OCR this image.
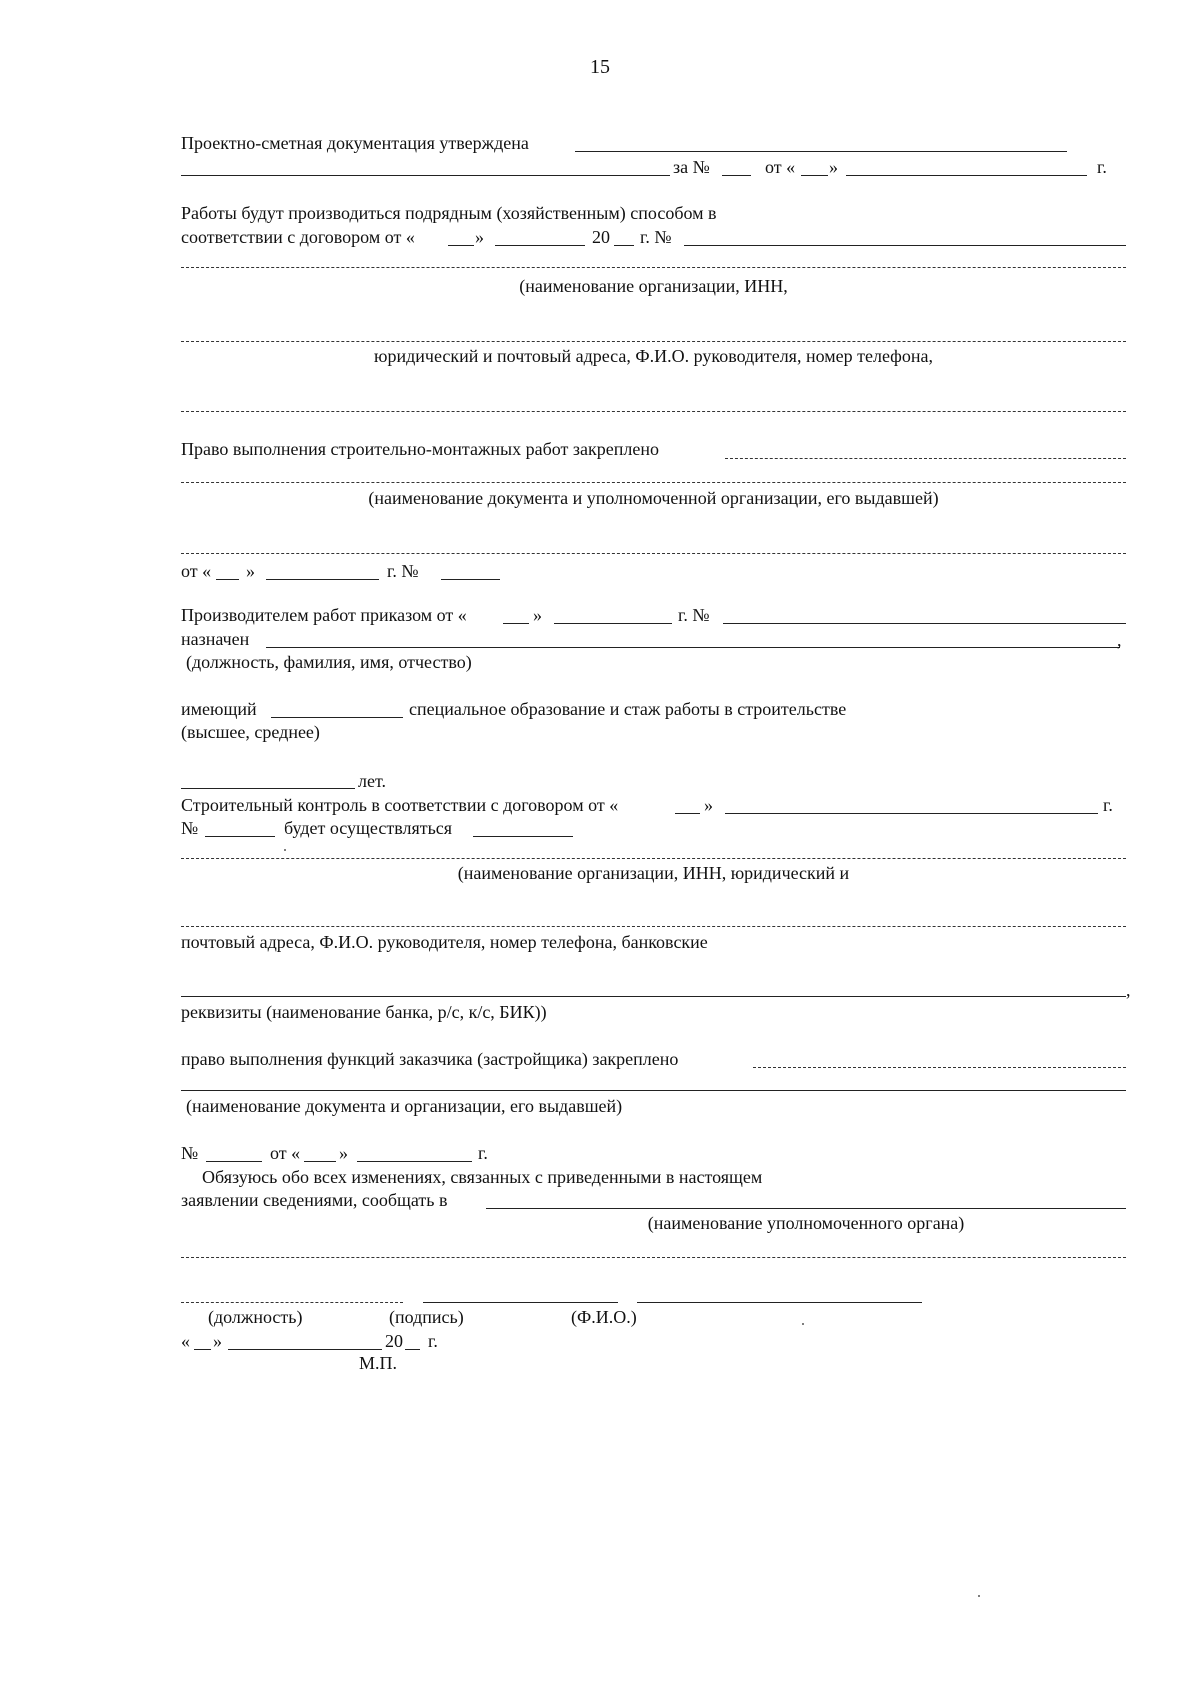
15
Проектно-сметная документация утверждена
за №	от « »	г.
Работы будут производиться подрядным (хозяйственным) способом в
соответствии с договором от «	»	20 г. №
(наименование организации, ИНН,
юридический и почтовый адреса, Ф.И.О. руководителя, номер телефона,
Право выполнения строительно-монтажных работ закреплено
(наименование документа и уполномоченной организации, его выдавшей)
от « »	г. №
Производителем работ приказом от «	»	г. №
назначен	,
(должность, фамилия, имя, отчество)
имеющий	специальное образование и стаж работы в строительстве
(высшее, среднее)
лет.
Строительный контроль в соответствии с договором от «	»	г.
№	будет осуществляться
(наименование организации, ИНН, юридический и
почтовый адреса, Ф.И.О. руководителя, номер телефона, банковские
,
реквизиты (наименование банка, р/с, к/с, БИК))
право выполнения функций заказчика (застройщика) закреплено
(наименование документа и организации, его выдавшей)
№	от « »	г.
Обязуюсь обо всех изменениях, связанных с приведенными в настоящем
заявлении сведениями, сообщать в
(наименование уполномоченного органа)
(должность)	(подпись)	(Ф.И.О.)
« »	20 г.
М.П.
